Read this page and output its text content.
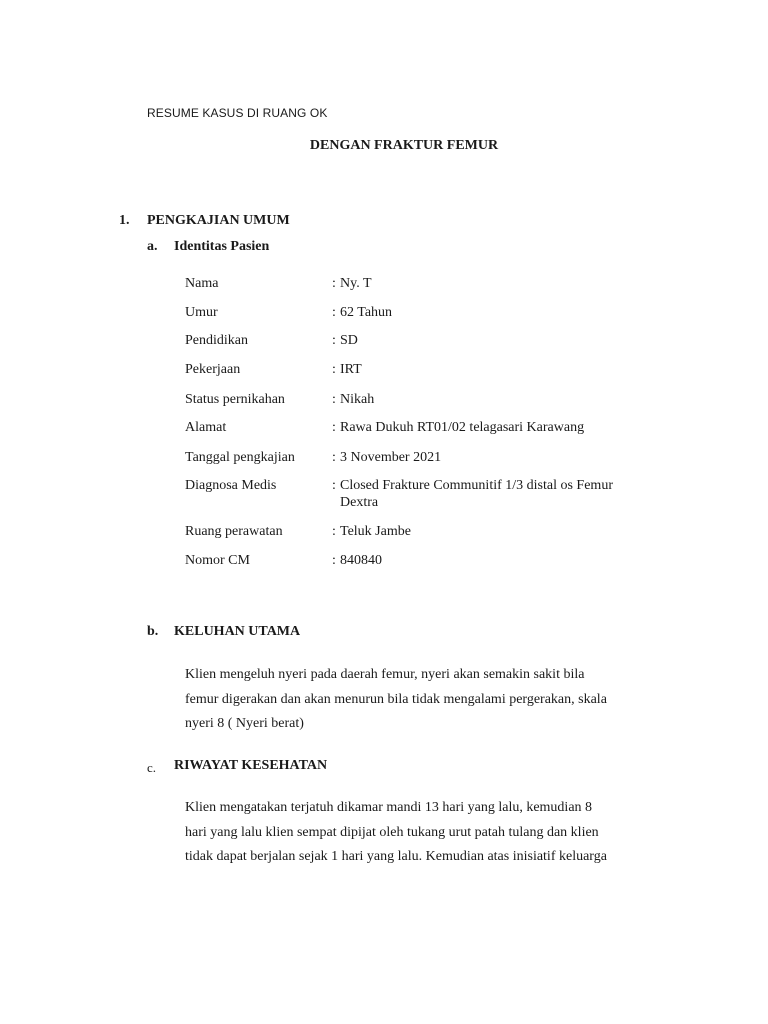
RESUME KASUS DI RUANG OK
DENGAN FRAKTUR FEMUR
1. PENGKAJIAN UMUM
a. Identitas Pasien
Nama	: Ny. T
Umur	: 62 Tahun
Pendidikan	: SD
Pekerjaan	: IRT
Status pernikahan	: Nikah
Alamat	: Rawa Dukuh RT01/02 telagasari Karawang
Tanggal pengkajian	: 3 November 2021
Diagnosa Medis	: Closed Frakture Communitif 1/3 distal os Femur
Dextra
Ruang perawatan	: Teluk Jambe
Nomor CM	: 840840
b. KELUHAN UTAMA
Klien mengeluh nyeri pada daerah femur, nyeri akan semakin sakit bila
femur digerakan dan akan menurun bila tidak mengalami pergerakan, skala
nyeri 8 ( Nyeri berat)
c. RIWAYAT KESEHATAN
Klien mengatakan terjatuh dikamar mandi 13 hari yang lalu, kemudian 8
hari yang lalu klien sempat dipijat oleh tukang urut patah tulang dan klien
tidak dapat berjalan sejak 1 hari yang lalu. Kemudian atas inisiatif keluarga
